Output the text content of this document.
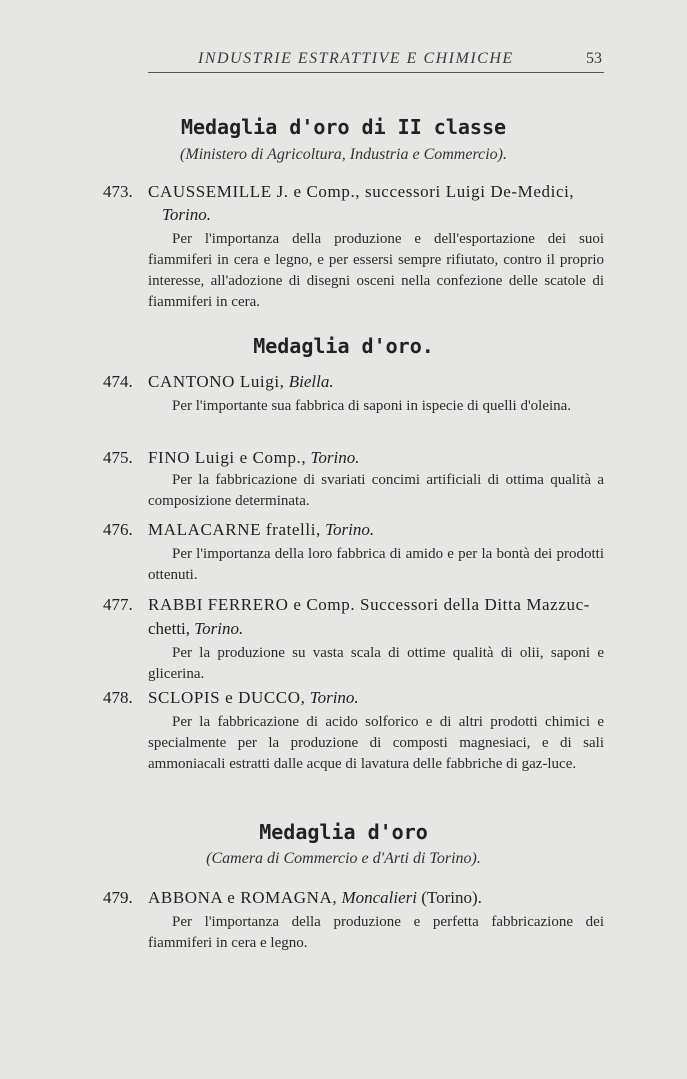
INDUSTRIE ESTRATTIVE E CHIMICHE	53
Medaglia d'oro di II classe
(Ministero di Agricoltura, Industria e Commercio).
473. CAUSSEMILLE J. e Comp., successori Luigi De-Medici,
Torino.
Per l'importanza della produzione e dell'esportazione dei suoi fiammiferi in cera e legno, e per essersi sempre rifiutato, contro il proprio interesse, all'adozione di disegni osceni nella confezione delle scatole di fiammiferi in cera.
Medaglia d'oro.
474. CANTONO Luigi, Biella.
Per l'importante sua fabbrica di saponi in ispecie di quelli d'oleina.
475. FINO Luigi e Comp., Torino.
Per la fabbricazione di svariati concimi artificiali di ottima qualità a composizione determinata.
476. MALACARNE fratelli, Torino.
Per l'importanza della loro fabbrica di amido e per la bontà dei prodotti ottenuti.
477. RABBI FERRERO e Comp. Successori della Ditta Mazzuc-
chetti, Torino.
Per la produzione su vasta scala di ottime qualità di olii, saponi e glicerina.
478. SCLOPIS e DUCCO, Torino.
Per la fabbricazione di acido solforico e di altri prodotti chimici e specialmente per la produzione di composti magnesiaci, e di sali ammoniacali estratti dalle acque di lavatura delle fabbriche di gaz-luce.
Medaglia d'oro
(Camera di Commercio e d'Arti di Torino).
479. ABBONA e ROMAGNA, Moncalieri (Torino).
Per l'importanza della produzione e perfetta fabbricazione dei fiammiferi in cera e legno.
